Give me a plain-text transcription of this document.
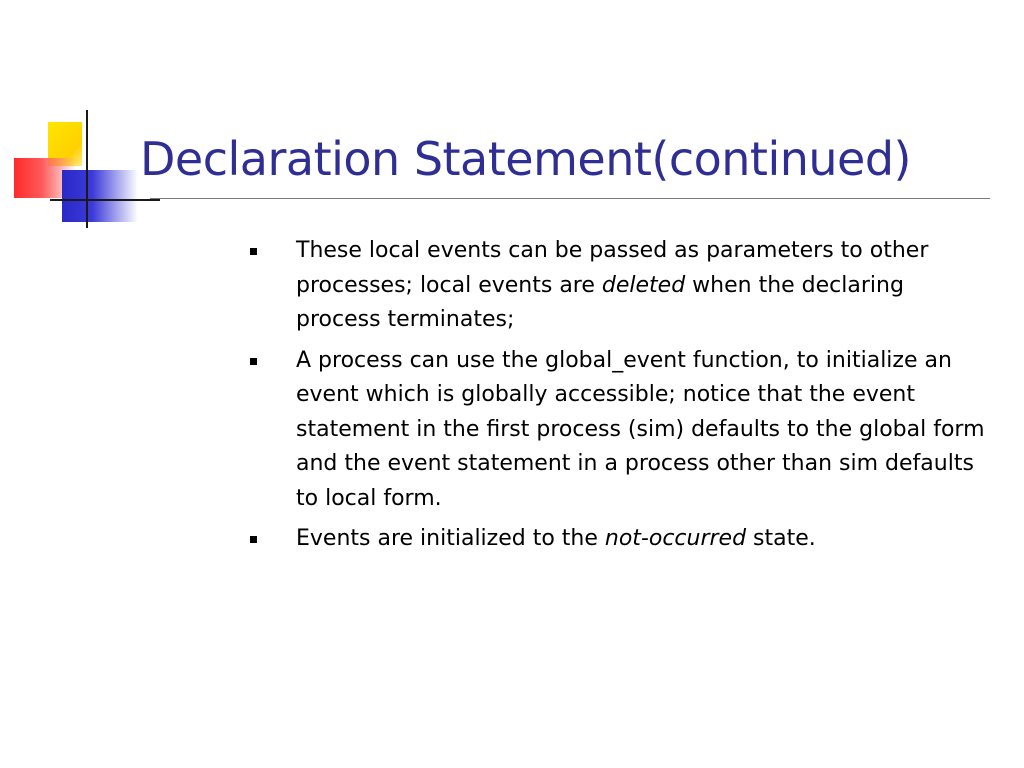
Declaration Statement(continued)
These local events can be passed as parameters to other processes; local events are deleted when the declaring process terminates;
A process can use the global_event function, to initialize an event which is globally accessible; notice that the event statement in the first process (sim) defaults to the global form and the event statement in a process other than sim defaults to local form.
Events are initialized to the not-occurred state.
